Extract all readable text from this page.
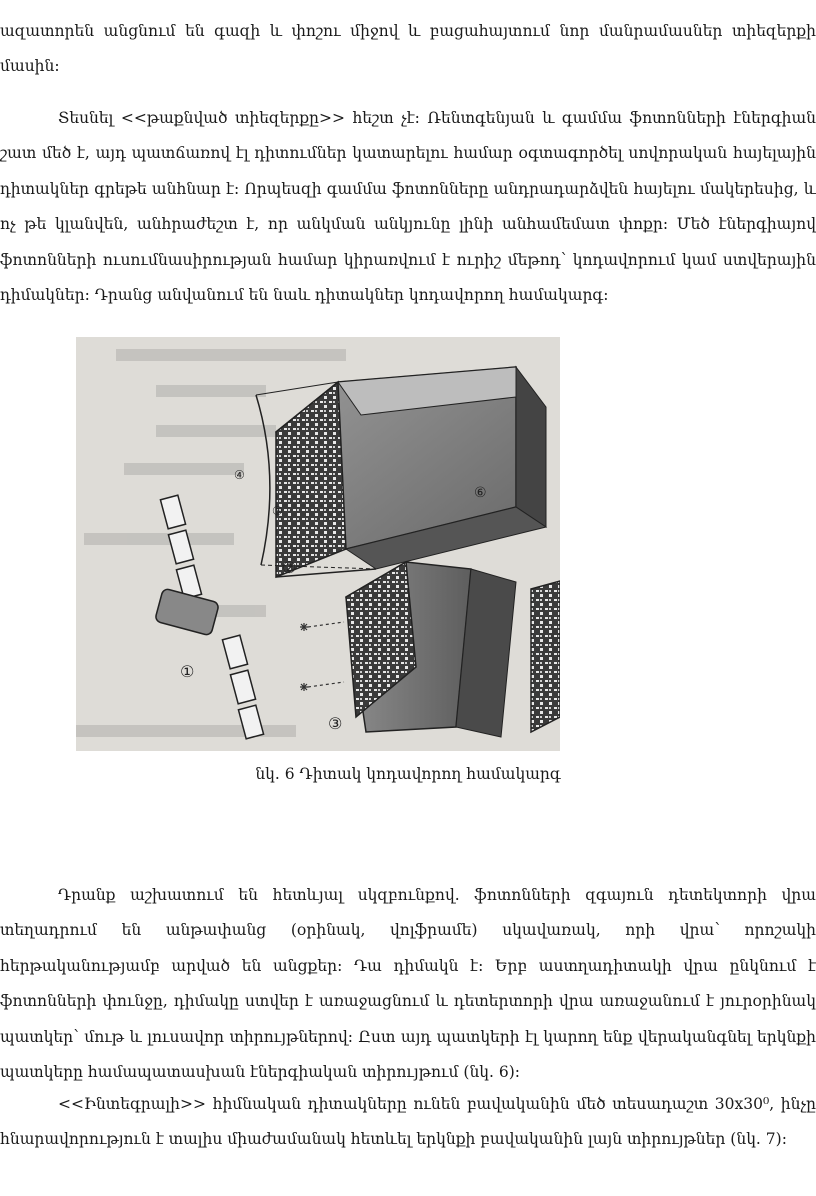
ազատորեն անցնում են գազի և փոշու միջով և բացահայտում նոր մանրամասներ տիեզերքի մասին:

Տեսնել <<թաքնված տիեզերքը>> հեշտ չէ: Ռենտգենյան և գամմա ֆոտոնների էներգիան շատ մեծ է, այդ պատճառով էլ դիտումներ կատարելու համար օգտագործել սովորական հայելային դիտակներ գրեթե անհնար է: Որպեսզի գամմա ֆոտոնները անդրադարձվեն հայելու մակերեսից, և ոչ թե կլանվեն, անհրաժեշտ է, որ անկման անկյունը լինի անհամեմատ փոքր: Մեծ էներգիայով ֆոտոնների ուսումնասիրության համար կիրառվում է ուրիշ մեթոդ՝ կոդավորում կամ ստվերային դիմակներ: Դրանց անվանում են նաև դիտակներ կոդավորող համակարգ:

①
②
③
④
⑤
⑥
նկ. 6 Դիտակ կոդավորող համակարգ

Դրանք աշխատում են հետևյալ սկզբունքով. ֆոտոնների զգայուն դետեկտորի վրա տեղադրում են անթափանց (օրինակ, վոլֆրամե) սկավառակ, որի վրա՝ որոշակի հերթականությամբ արված են անցքեր: Դա դիմակն է: Երբ աստղադիտակի վրա ընկնում է ֆոտոնների փունջը, դիմակը ստվեր է առաջացնում և դետերտորի վրա առաջանում է յուրօրինակ պատկեր՝ մութ և լուսավոր տիրույթներով: Ըստ այդ պատկերի էլ կարող ենք վերականգնել երկնքի պատկերը համապատասխան էներգիական տիրույթում (նկ. 6):

<<Ինտեգրալի>> հիմնական դիտակները ունեն բավականին մեծ տեսադաշտ 30x30⁰, ինչը հնարավորություն է տալիս միաժամանակ հետևել երկնքի բավականին լայն տիրույթներ (նկ. 7):
